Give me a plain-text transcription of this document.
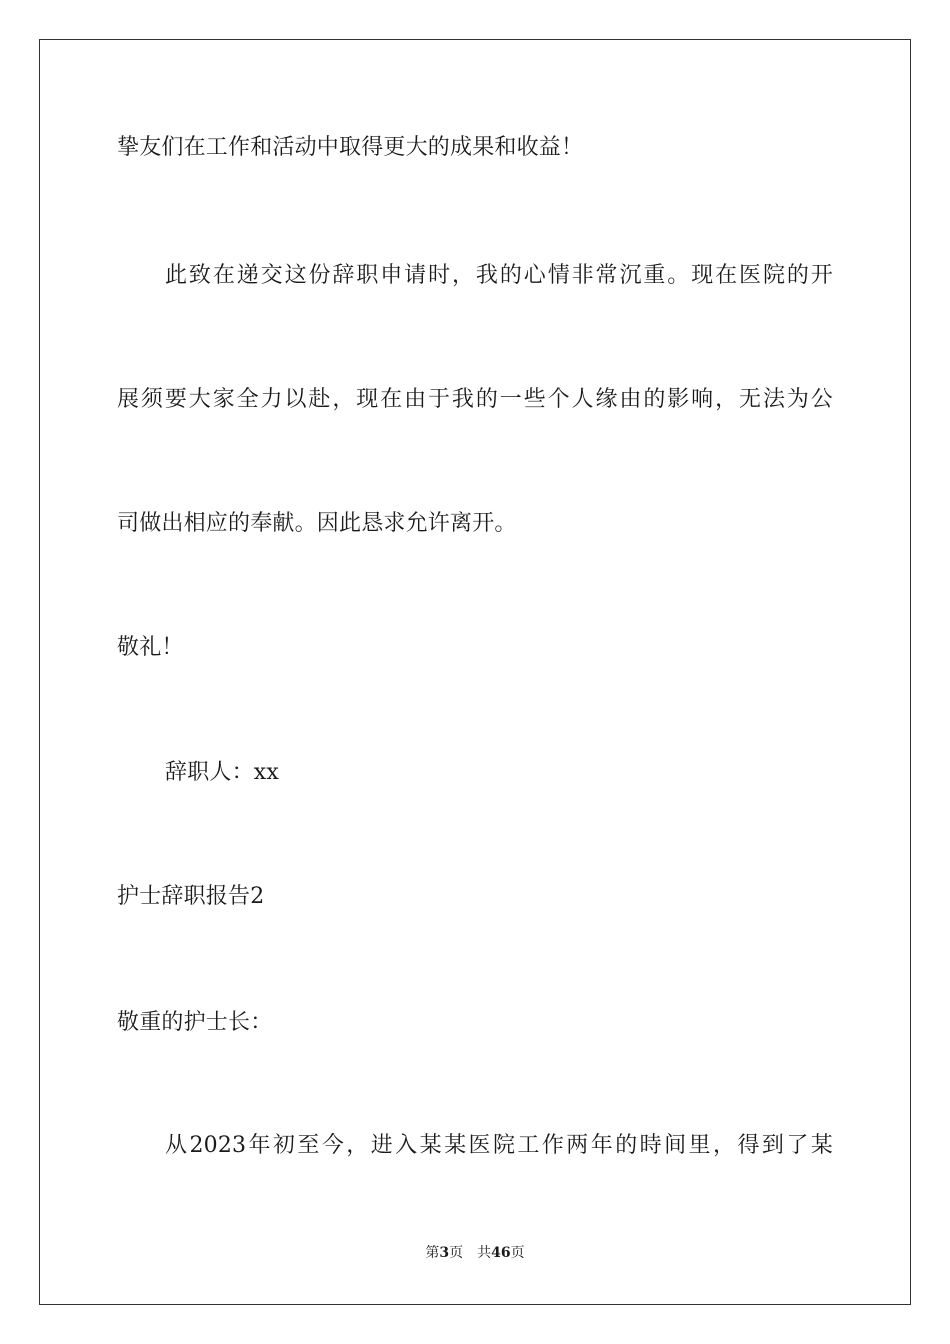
挚友们在工作和活动中取得更大的成果和收益！
此致在递交这份辞职申请时，我的心情非常沉重。现在医院的开
展须要大家全力以赴，现在由于我的一些个人缘由的影响，无法为公
司做出相应的奉献。因此恳求允许离开。
敬礼！
辞职人：xx
护士辞职报告2
敬重的护士长：
从2023年初至今，进入某某医院工作两年的時间里，得到了某
第3页 共46页
